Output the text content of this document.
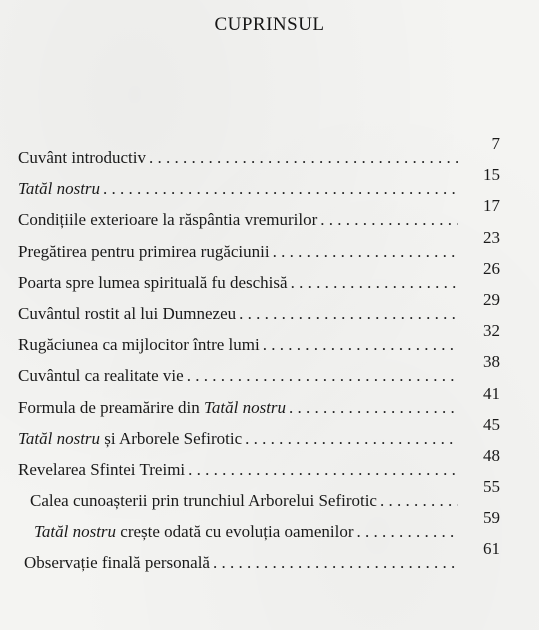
CUPRINSUL
Cuvânt introductiv
. . .
7
Tatăl nostru
. . .
15
Condițiile exterioare la răspântia vremurilor
. . .
17
Pregătirea pentru primirea rugăciunii
. . .
23
Poarta spre lumea spirituală fu deschisă
. . .
26
Cuvântul rostit al lui Dumnezeu
. . .
29
Rugăciunea ca mijlocitor între lumi
. . .
32
Cuvântul ca realitate vie
. . .
38
Formula de preamărire din Tatăl nostru
. . .
41
Tatăl nostru și Arborele Sefirotic
. . .
45
Revelarea Sfintei Treimi
. . .
48
Calea cunoașterii prin trunchiul Arborelui Sefirotic
. . .
55
Tatăl nostru crește odată cu evoluția oamenilor
. . .
59
Observație finală personală
. . .
61
